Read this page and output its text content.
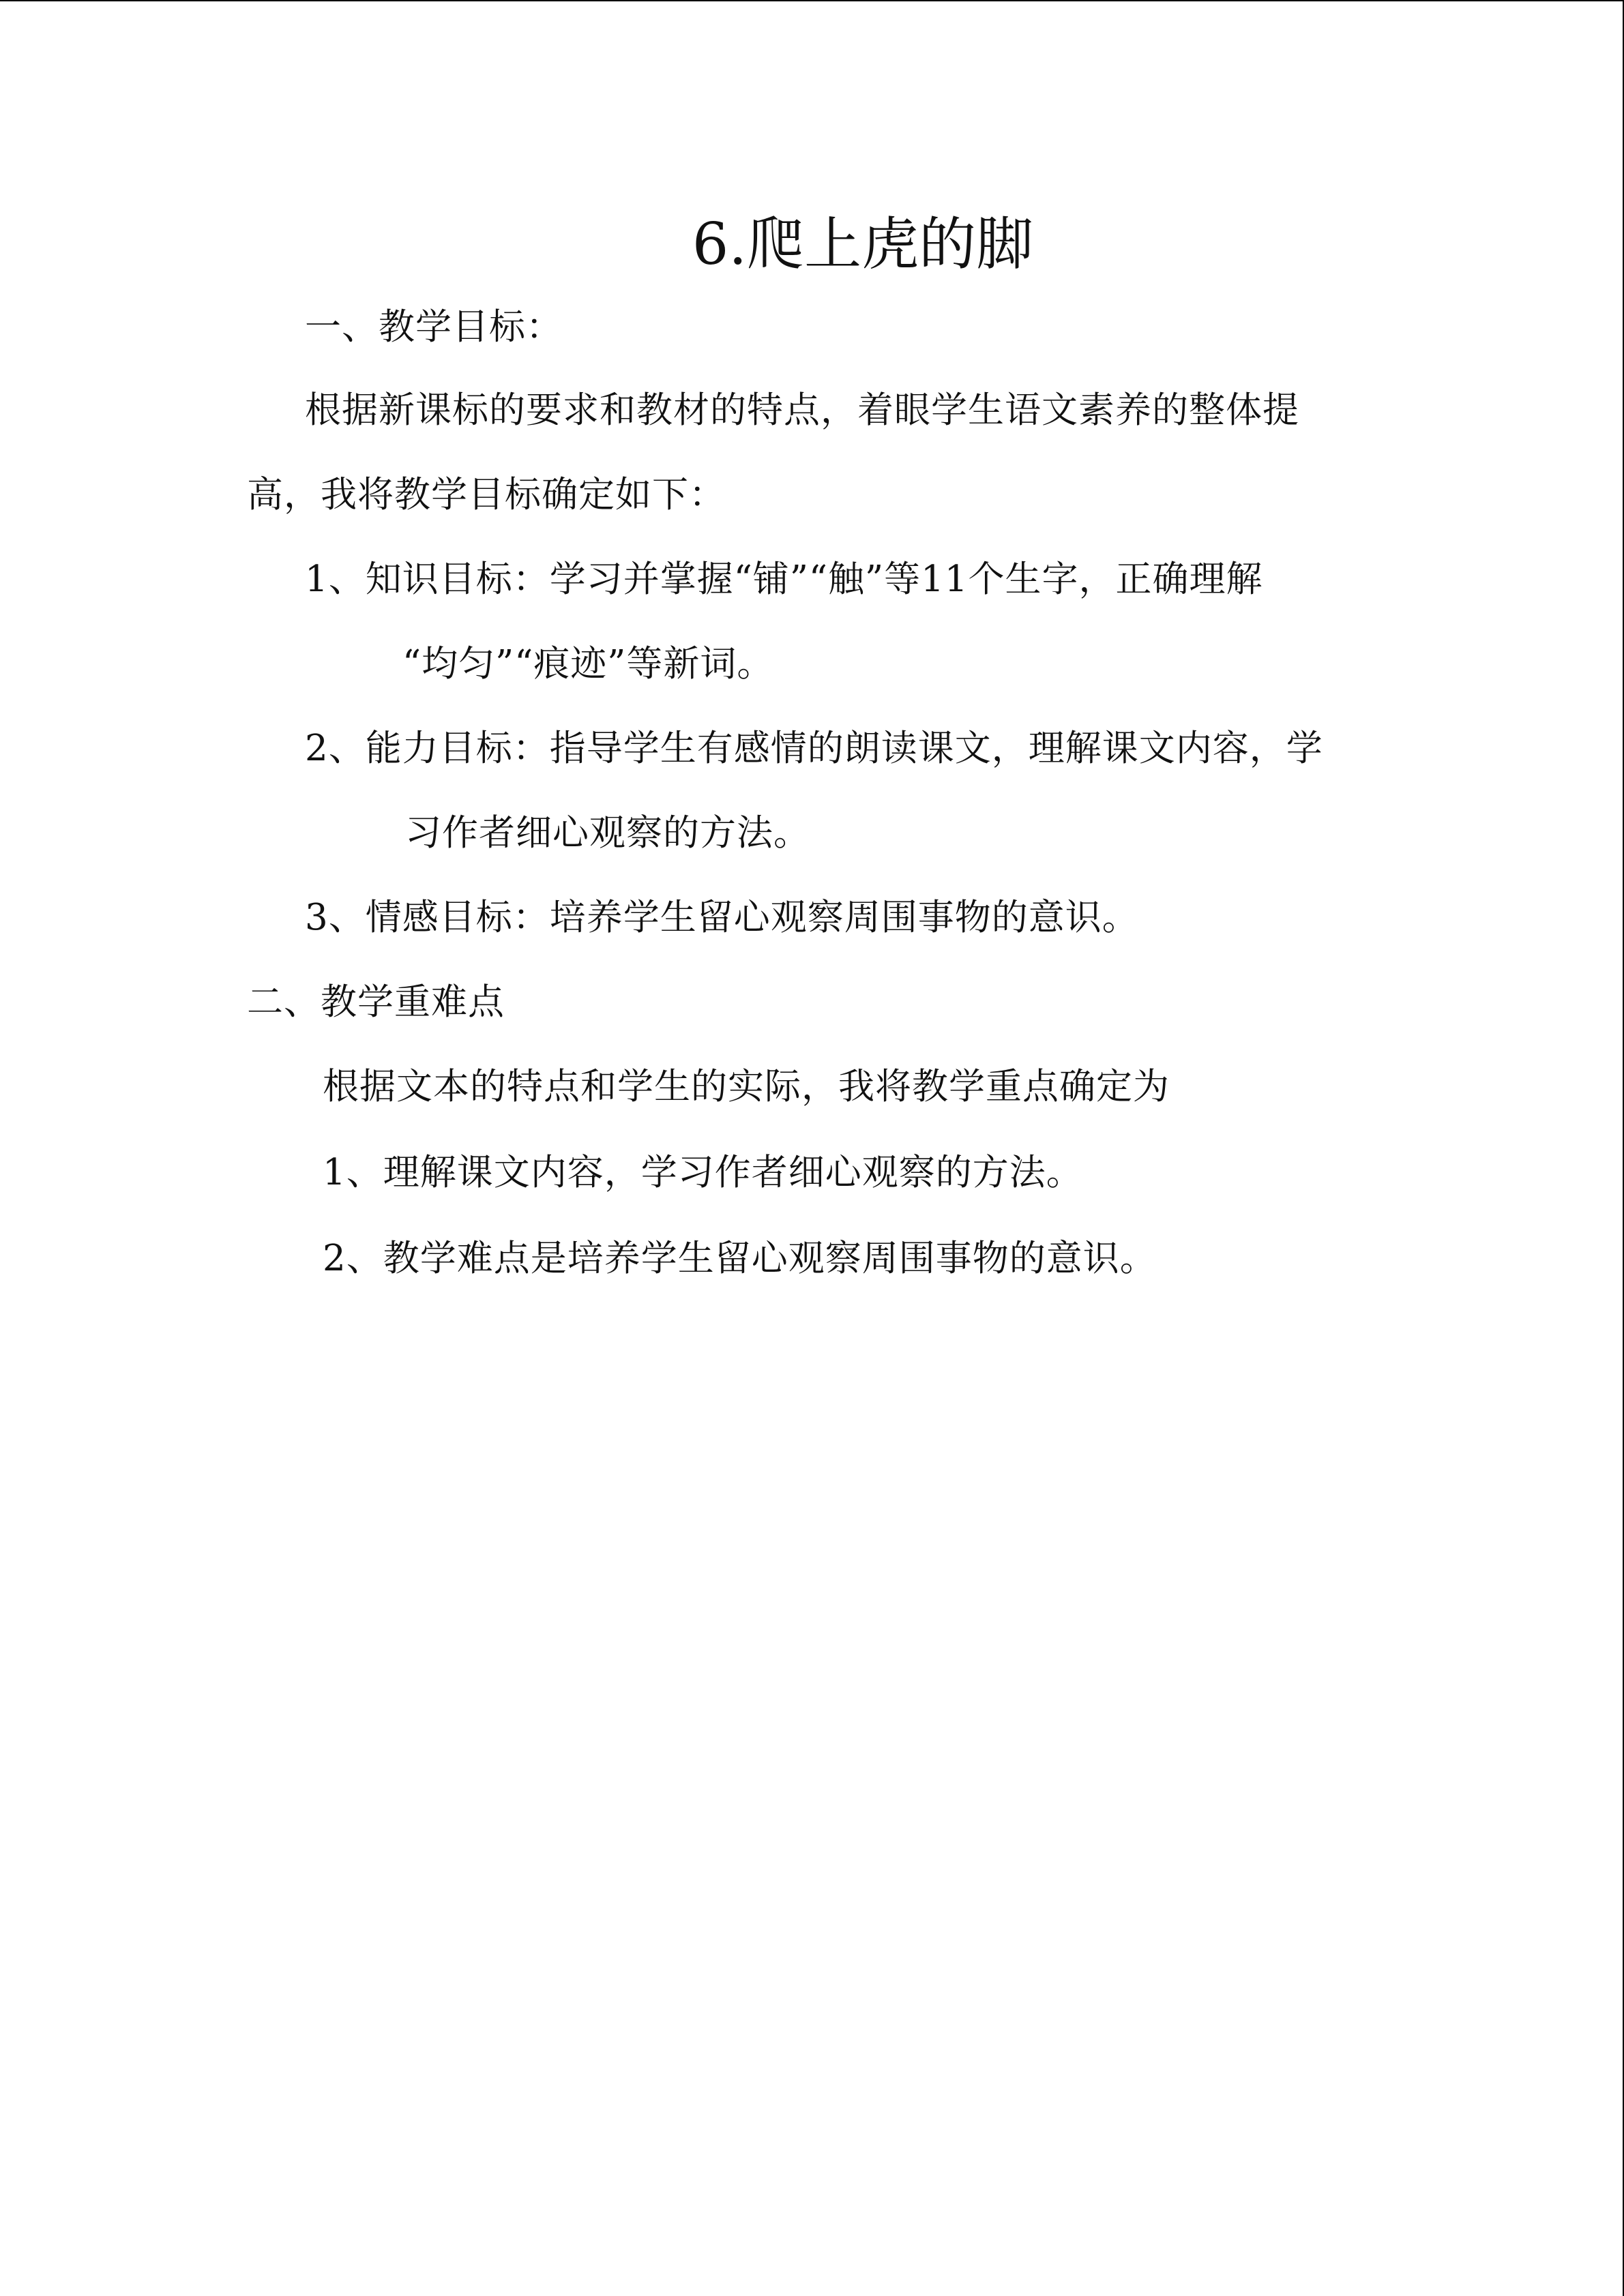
6.爬上虎的脚
一、教学目标：
根据新课标的要求和教材的特点，着眼学生语文素养的整体提
高，我将教学目标确定如下：
1、知识目标：学习并掌握“铺”“触”等11个生字，正确理解
“均匀”“痕迹”等新词。
2、能力目标：指导学生有感情的朗读课文，理解课文内容，学
习作者细心观察的方法。
3、情感目标：培养学生留心观察周围事物的意识。
二、教学重难点
根据文本的特点和学生的实际，我将教学重点确定为
1、理解课文内容，学习作者细心观察的方法。
2、教学难点是培养学生留心观察周围事物的意识。
